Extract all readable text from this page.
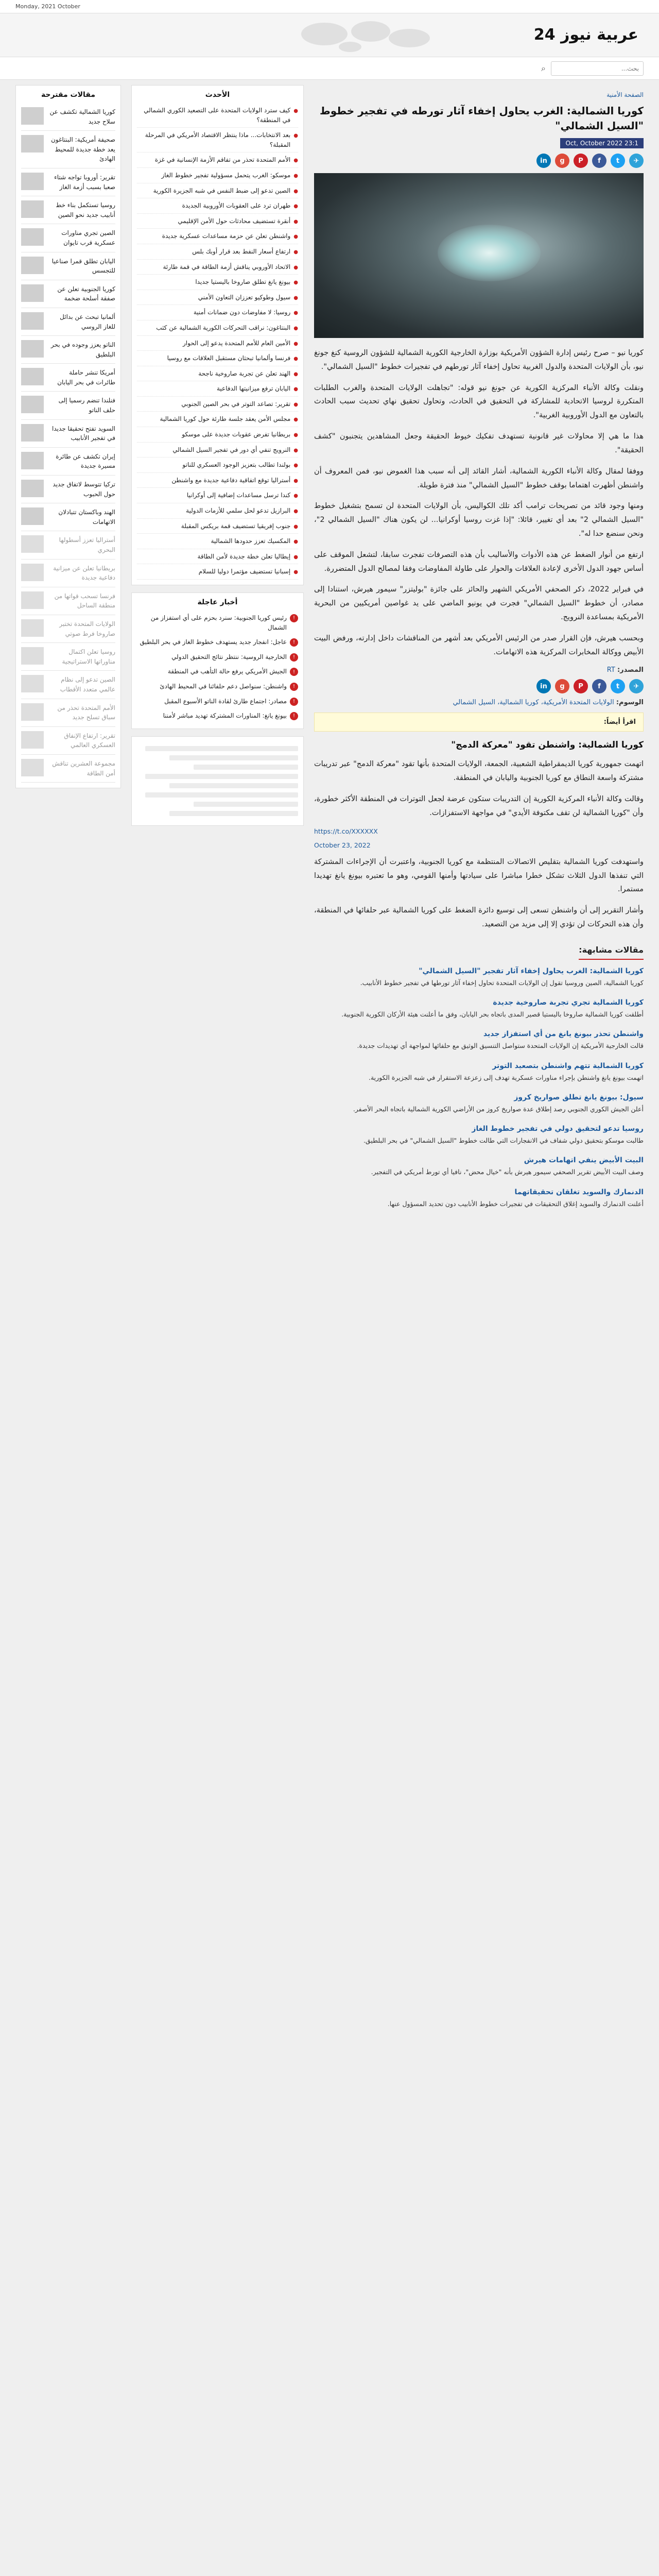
Monday, 2021 October
عربية نيوز 24
بحث...
⌕
الصفحة الأمنية
كوريا الشمالية: الغرب يحاول إخفاء آثار تورطه في تفجير خطوط "السيل الشمالي"
Oct, October 2022 23:1
✈
t
f
P
g
in

كوريا نيو – صرح رئيس إدارة الشؤون الأمريكية بوزارة الخارجية الكورية الشمالية للشؤون الروسية كنغ جونغ نيو، بأن الولايات المتحدة والدول الغربية تحاول إخفاء آثار تورطهم في تفجيرات خطوط "السيل الشمالي".

ونقلت وكالة الأنباء المركزية الكورية عن جونغ نيو قوله: "تجاهلت الولايات المتحدة والغرب الطلبات المتكررة لروسيا الاتحادية للمشاركة في التحقيق في الحادث، وتحاول تحقيق نهاي تحديث سبب الحادث بالتعاون مع الدول الأوروبية الغربية".

هذا ما هي إلا محاولات غير قانونية تستهدف تفكيك خيوط الحقيقة وجعل المشاهدين يتجنبون "كشف الحقيقة".

ووفقا لمقال وكالة الأنباء الكورية الشمالية، أشار القائد إلى أنه سبب هذا الغموض نيو، فمن المعروف أن واشنطن أظهرت اهتماما بوقف خطوط "السيل الشمالي" منذ فترة طويلة.

ومنها وجود قائد من تصريحات ترامب أكد تلك الكواليس، بأن الولايات المتحدة لن تسمح بتشغيل خطوط "السيل الشمالي 2" بعد أي تغيير، قائلا: "إذا غزت روسيا أوكرانيا... لن يكون هناك "السيل الشمالي 2"، ونحن سنضع حدا له".

ارتفع من أنوار الضغط عن هذه الأدوات والأساليب بأن هذه التصرفات تفجرت سابقا، لتشعل الموقف على أساس جهود الدول الأخرى لإعادة العلاقات والحوار على طاولة المفاوضات وفقا لمصالح الدول المتضررة.

في فبراير 2022، ذكر الصحفي الأمريكي الشهير والحائز على جائزة "بوليتزر" سيمور هيرش، استنادا إلى مصادر، أن خطوط "السيل الشمالي" فجرت في يونيو الماضي على يد غواصين أمريكيين من البحرية الأمريكية بمساعدة النرويج.

وبحسب هيرش، فإن القرار صدر من الرئيس الأمريكي بعد أشهر من المناقشات داخل إدارته، ورفض البيت الأبيض ووكالة المخابرات المركزية هذه الاتهامات.

المصدر: RT
✈
t
f
P
g
in
الوسوم: الولايات المتحدة الأمريكية، كوريا الشمالية، السيل الشمالي
اقرأ أيضاً:
كوريا الشمالية: واشنطن تقود "معركة الدمج"

اتهمت جمهورية كوريا الديمقراطية الشعبية، الجمعة، الولايات المتحدة بأنها تقود "معركة الدمج" عبر تدريبات مشتركة واسعة النطاق مع كوريا الجنوبية واليابان في المنطقة.

وقالت وكالة الأنباء المركزية الكورية إن التدريبات ستكون عرضة لجعل التوترات في المنطقة الأكثر خطورة، وأن "كوريا الشمالية لن تقف مكتوفة الأيدي" في مواجهة الاستفزازات.

https://t.co/XXXXXX
October 23, 2022

واستهدفت كوريا الشمالية بتقليص الاتصالات المنتظمة مع كوريا الجنوبية، واعتبرت أن الإجراءات المشتركة التي تنفذها الدول الثلاث تشكل خطرا مباشرا على سيادتها وأمنها القومي، وهو ما تعتبره بيونغ يانغ تهديدا مستمرا.

وأشار التقرير إلى أن واشنطن تسعى إلى توسيع دائرة الضغط على كوريا الشمالية عبر حلفائها في المنطقة، وأن هذه التحركات لن تؤدي إلا إلى مزيد من التصعيد.

مقالات مشابهة:
كوريا الشمالية: الغرب يحاول إخفاء آثار تفجير "السيل الشمالي"
كوريا الشمالية، الصين وروسيا تقول إن الولايات المتحدة تحاول إخفاء آثار تورطها في تفجير خطوط الأنابيب.
كوريا الشمالية تجري تجربة صاروخية جديدة
أطلقت كوريا الشمالية صاروخا باليستيا قصير المدى باتجاه بحر اليابان، وفق ما أعلنت هيئة الأركان الكورية الجنوبية.
واشنطن تحذر بيونغ يانغ من أي استفزاز جديد
قالت الخارجية الأمريكية إن الولايات المتحدة ستواصل التنسيق الوثيق مع حلفائها لمواجهة أي تهديدات جديدة.
كوريا الشمالية تتهم واشنطن بتصعيد التوتر
اتهمت بيونغ يانغ واشنطن بإجراء مناورات عسكرية تهدف إلى زعزعة الاستقرار في شبه الجزيرة الكورية.
سيول: بيونغ يانغ تطلق صواريخ كروز
أعلن الجيش الكوري الجنوبي رصد إطلاق عدة صواريخ كروز من الأراضي الكورية الشمالية باتجاه البحر الأصفر.
روسيا تدعو لتحقيق دولي في تفجير خطوط الغاز
طالبت موسكو بتحقيق دولي شفاف في الانفجارات التي طالت خطوط "السيل الشمالي" في بحر البلطيق.
البيت الأبيض ينفي اتهامات هيرش
وصف البيت الأبيض تقرير الصحفي سيمور هيرش بأنه "خيال محض"، نافيا أي تورط أمريكي في التفجير.
الدنمارك والسويد تغلقان تحقيقاتهما
أعلنت الدنمارك والسويد إغلاق التحقيقات في تفجيرات خطوط الأنابيب دون تحديد المسؤول عنها.
الأحدث
●
كيف سترد الولايات المتحدة على التصعيد الكوري الشمالي في المنطقة؟
●
بعد الانتخابات... ماذا ينتظر الاقتصاد الأمريكي في المرحلة المقبلة؟
●
الأمم المتحدة تحذر من تفاقم الأزمة الإنسانية في غزة
●
موسكو: الغرب يتحمل مسؤولية تفجير خطوط الغاز
●
الصين تدعو إلى ضبط النفس في شبه الجزيرة الكورية
●
طهران ترد على العقوبات الأوروبية الجديدة
●
أنقرة تستضيف محادثات حول الأمن الإقليمي
●
واشنطن تعلن عن حزمة مساعدات عسكرية جديدة
●
ارتفاع أسعار النفط بعد قرار أوبك بلس
●
الاتحاد الأوروبي يناقش أزمة الطاقة في قمة طارئة
●
بيونغ يانغ تطلق صاروخا باليستيا جديدا
●
سيول وطوكيو تعززان التعاون الأمني
●
روسيا: لا مفاوضات دون ضمانات أمنية
●
البنتاغون: نراقب التحركات الكورية الشمالية عن كثب
●
الأمين العام للأمم المتحدة يدعو إلى الحوار
●
فرنسا وألمانيا تبحثان مستقبل العلاقات مع روسيا
●
الهند تعلن عن تجربة صاروخية ناجحة
●
اليابان ترفع ميزانيتها الدفاعية
●
تقرير: تصاعد التوتر في بحر الصين الجنوبي
●
مجلس الأمن يعقد جلسة طارئة حول كوريا الشمالية
●
بريطانيا تفرض عقوبات جديدة على موسكو
●
النرويج تنفي أي دور في تفجير السيل الشمالي
●
بولندا تطالب بتعزيز الوجود العسكري للناتو
●
أستراليا توقع اتفاقية دفاعية جديدة مع واشنطن
●
كندا ترسل مساعدات إضافية إلى أوكرانيا
●
البرازيل تدعو لحل سلمي للأزمات الدولية
●
جنوب إفريقيا تستضيف قمة بريكس المقبلة
●
المكسيك تعزز حدودها الشمالية
●
إيطاليا تعلن خطة جديدة لأمن الطاقة
●
إسبانيا تستضيف مؤتمرا دوليا للسلام
أخبار عاجلة
!
رئيس كوريا الجنوبية: سنرد بحزم على أي استفزاز من الشمال
!
عاجل: انفجار جديد يستهدف خطوط الغاز في بحر البلطيق
!
الخارجية الروسية: ننتظر نتائج التحقيق الدولي
!
الجيش الأمريكي يرفع حالة التأهب في المنطقة
!
واشنطن: سنواصل دعم حلفائنا في المحيط الهادئ
!
مصادر: اجتماع طارئ لقادة الناتو الأسبوع المقبل
!
بيونغ يانغ: المناورات المشتركة تهديد مباشر لأمننا
مقالات مقترحة
كوريا الشمالية تكشف عن سلاح جديد
صحيفة أمريكية: البنتاغون يعد خطة جديدة للمحيط الهادئ
تقرير: أوروبا تواجه شتاء صعبا بسبب أزمة الغاز
روسيا تستكمل بناء خط أنابيب جديد نحو الصين
الصين تجري مناورات عسكرية قرب تايوان
اليابان تطلق قمرا صناعيا للتجسس
كوريا الجنوبية تعلن عن صفقة أسلحة ضخمة
ألمانيا تبحث عن بدائل للغاز الروسي
الناتو يعزز وجوده في بحر البلطيق
أمريكا تنشر حاملة طائرات في بحر اليابان
فنلندا تنضم رسميا إلى حلف الناتو
السويد تفتح تحقيقا جديدا في تفجير الأنابيب
إيران تكشف عن طائرة مسيرة جديدة
تركيا تتوسط لاتفاق جديد حول الحبوب
الهند وباكستان تتبادلان الاتهامات
أستراليا تعزز أسطولها البحري
بريطانيا تعلن عن ميزانية دفاعية جديدة
فرنسا تسحب قواتها من منطقة الساحل
الولايات المتحدة تختبر صاروخا فرط صوتي
روسيا تعلن اكتمال مناوراتها الاستراتيجية
الصين تدعو إلى نظام عالمي متعدد الأقطاب
الأمم المتحدة تحذر من سباق تسلح جديد
تقرير: ارتفاع الإنفاق العسكري العالمي
مجموعة العشرين تناقش أمن الطاقة
